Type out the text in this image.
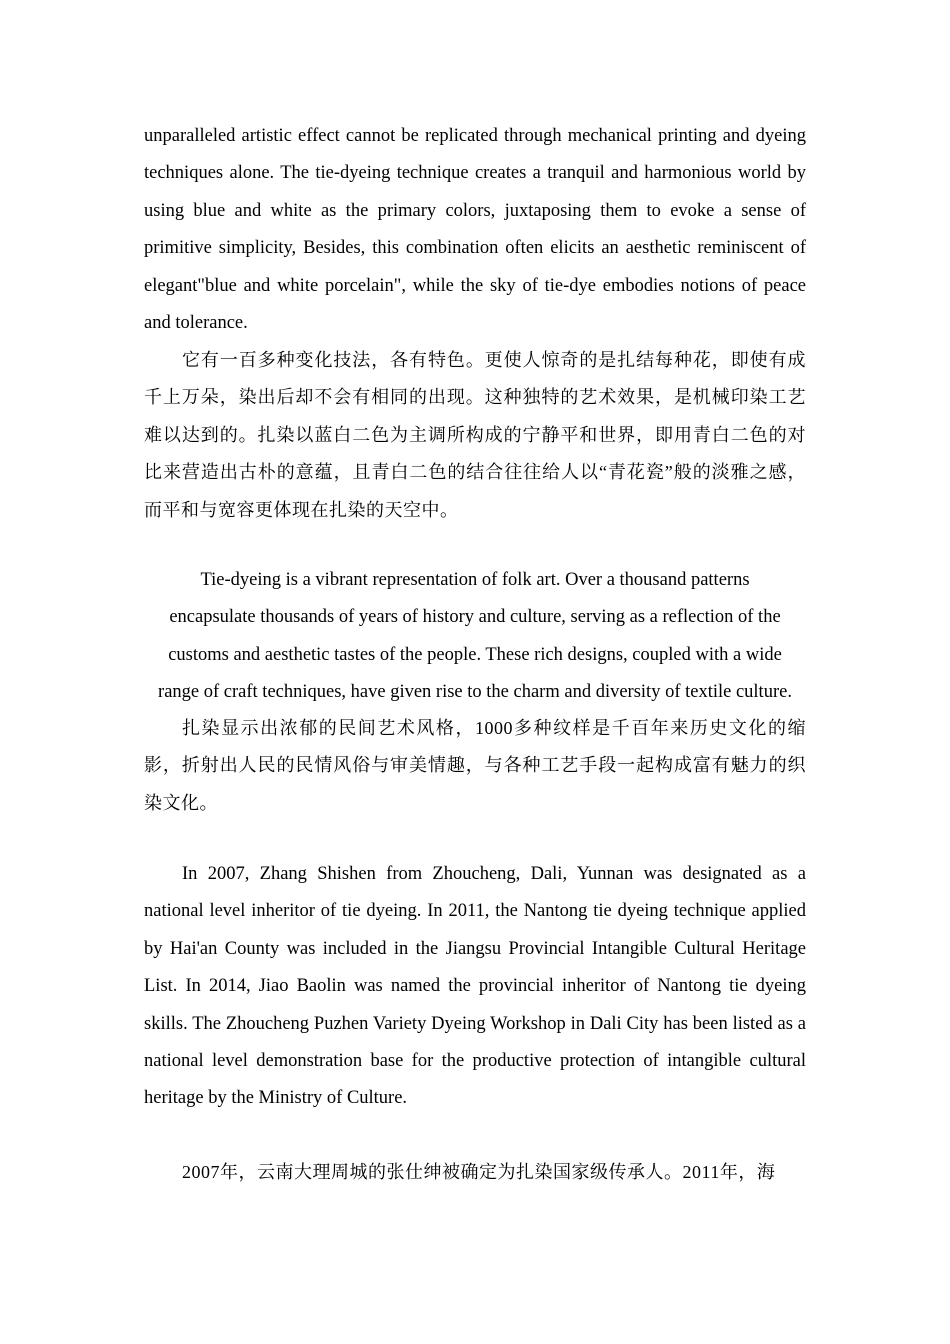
unparalleled artistic effect cannot be replicated through mechanical printing and dyeing techniques alone. The tie-dyeing technique creates a tranquil and harmonious world by using blue and white as the primary colors, juxtaposing them to evoke a sense of primitive simplicity, Besides, this combination often elicits an aesthetic reminiscent of elegant"blue and white porcelain", while the sky of tie-dye embodies notions of peace and tolerance.

它有一百多种变化技法，各有特色。更使人惊奇的是扎结每种花，即使有成千上万朵，染出后却不会有相同的出现。这种独特的艺术效果，是机械印染工艺难以达到的。扎染以蓝白二色为主调所构成的宁静平和世界，即用青白二色的对比来营造出古朴的意蕴，且青白二色的结合往往给人以“青花瓷”般的淡雅之感，而平和与宽容更体现在扎染的天空中。

Tie-dyeing is a vibrant representation of folk art. Over a thousand patterns
encapsulate thousands of years of history and culture, serving as a reflection of the
customs and aesthetic tastes of the people. These rich designs, coupled with a wide
range of craft techniques, have given rise to the charm and diversity of textile culture.

扎染显示出浓郁的民间艺术风格，1000多种纹样是千百年来历史文化的缩影，折射出人民的民情风俗与审美情趣，与各种工艺手段一起构成富有魅力的织染文化。

In 2007, Zhang Shishen from Zhoucheng, Dali, Yunnan was designated as a national level inheritor of tie dyeing. In 2011, the Nantong tie dyeing technique applied by Hai'an County was included in the Jiangsu Provincial Intangible Cultural Heritage List. In 2014, Jiao Baolin was named the provincial inheritor of Nantong tie dyeing skills. The Zhoucheng Puzhen Variety Dyeing Workshop in Dali City has been listed as a national level demonstration base for the productive protection of intangible cultural heritage by the Ministry of Culture.

2007年，云南大理周城的张仕绅被确定为扎染国家级传承人。2011年，海
